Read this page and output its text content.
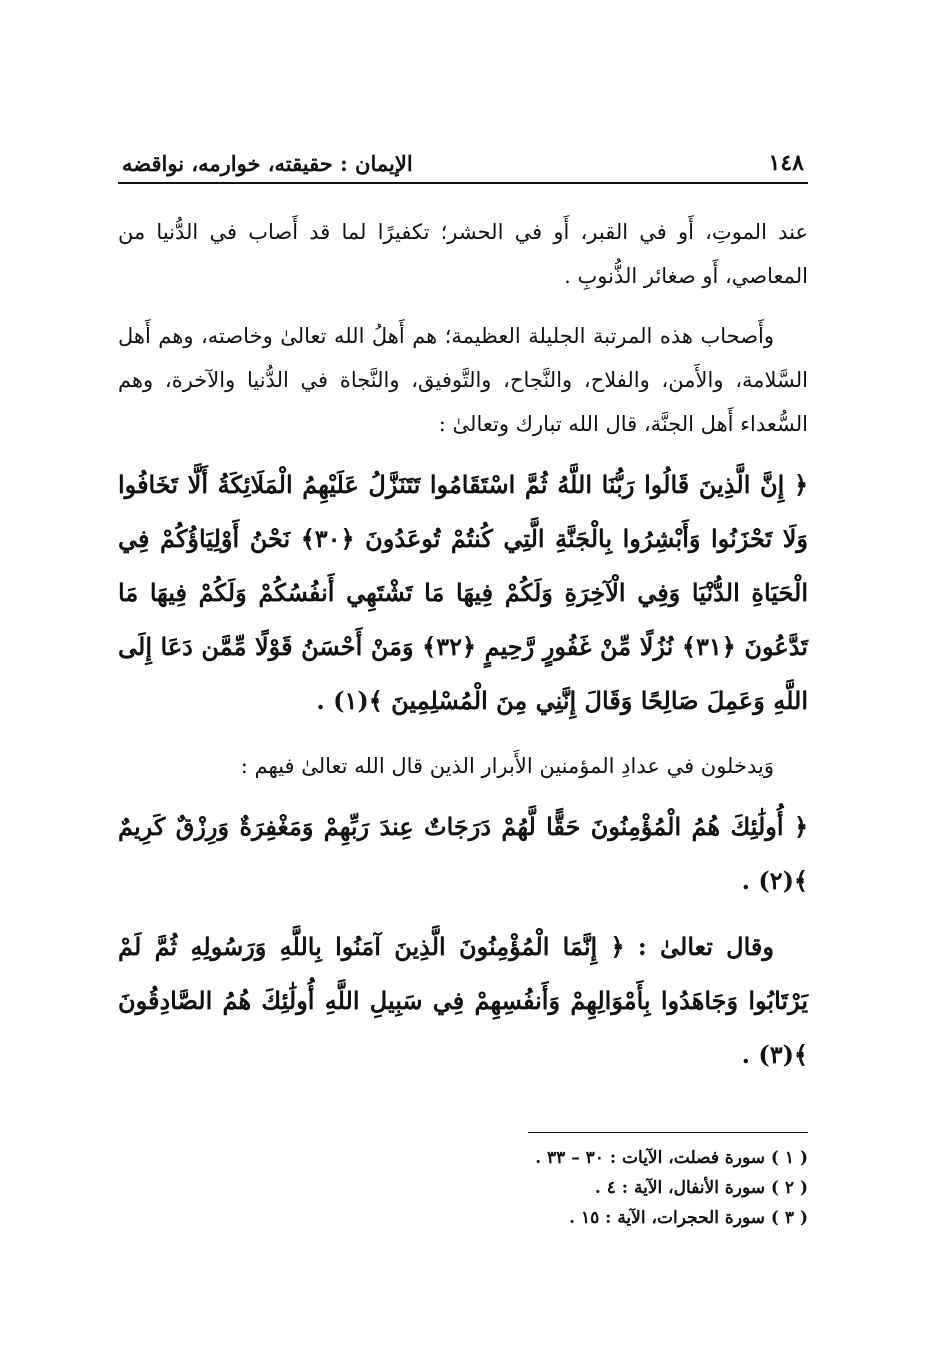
١٤٨
الإيمان : حقيقته، خوارمه، نواقضه

عند الموتِ، أَو في القبر، أَو في الحشر؛ تكفيرًا لما قد أَصاب في الدُّنيا من المعاصي، أَو صغائر الذُّنوبِ .

وأَصحاب هذه المرتبة الجليلة العظيمة؛ هم أَهلُ الله تعالىٰ وخاصته، وهم أَهل السَّلامة، والأَمن، والفلاح، والنَّجاح، والتَّوفيق، والنَّجاة في الدُّنيا والآخرة، وهم السُّعداء أَهل الجنَّة، قال الله تبارك وتعالىٰ :

﴿ إِنَّ الَّذِينَ قَالُوا رَبُّنَا اللَّهُ ثُمَّ اسْتَقَامُوا تَتَنَزَّلُ عَلَيْهِمُ الْمَلَائِكَةُ أَلَّا تَخَافُوا وَلَا تَحْزَنُوا وَأَبْشِرُوا بِالْجَنَّةِ الَّتِي كُنتُمْ تُوعَدُونَ ﴿٣٠﴾ نَحْنُ أَوْلِيَاؤُكُمْ فِي الْحَيَاةِ الدُّنْيَا وَفِي الْآخِرَةِ وَلَكُمْ فِيهَا مَا تَشْتَهِي أَنفُسُكُمْ وَلَكُمْ فِيهَا مَا تَدَّعُونَ ﴿٣١﴾ نُزُلًا مِّنْ غَفُورٍ رَّحِيمٍ ﴿٣٢﴾ وَمَنْ أَحْسَنُ قَوْلًا مِّمَّن دَعَا إِلَى اللَّهِ وَعَمِلَ صَالِحًا وَقَالَ إِنَّنِي مِنَ الْمُسْلِمِينَ ﴾(١) .

وَيدخلون في عدادِ المؤمنين الأَبرار الذين قال الله تعالىٰ فيهم :

﴿ أُولَٰئِكَ هُمُ الْمُؤْمِنُونَ حَقًّا لَّهُمْ دَرَجَاتٌ عِندَ رَبِّهِمْ وَمَغْفِرَةٌ وَرِزْقٌ كَرِيمٌ ﴾(٢) .

وقال تعالىٰ : ﴿ إِنَّمَا الْمُؤْمِنُونَ الَّذِينَ آمَنُوا بِاللَّهِ وَرَسُولِهِ ثُمَّ لَمْ يَرْتَابُوا وَجَاهَدُوا بِأَمْوَالِهِمْ وَأَنفُسِهِمْ فِي سَبِيلِ اللَّهِ أُولَٰئِكَ هُمُ الصَّادِقُونَ ﴾(٣) .

( ١ ) سورة فصلت، الآيات : ٣٠ – ٣٣ .

( ٢ ) سورة الأنفال، الآية : ٤ .

( ٣ ) سورة الحجرات، الآية : ١٥ .
